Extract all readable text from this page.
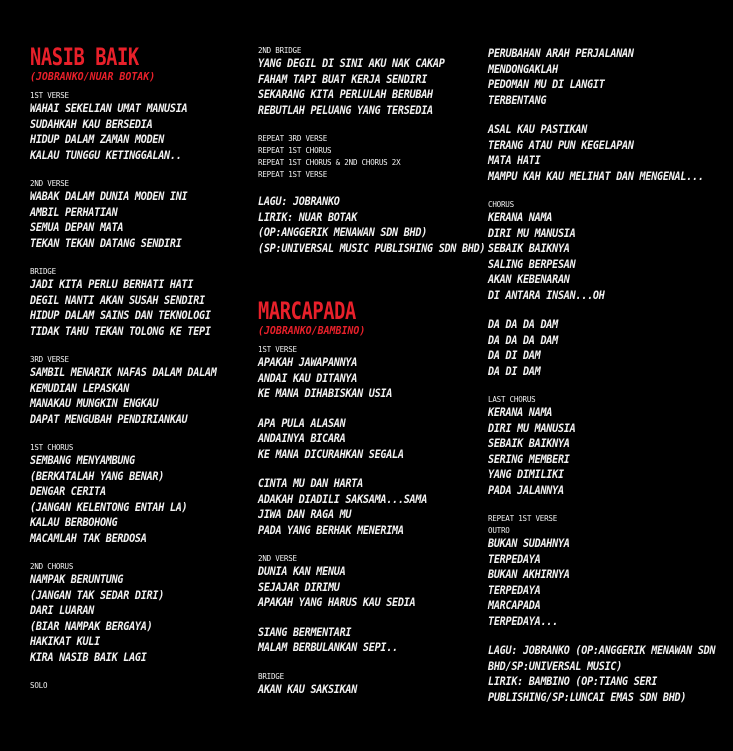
NASIB BAIK
(JOBRANKO/NUAR BOTAK)
1ST VERSE
WAHAI SEKELIAN UMAT MANUSIA
SUDAHKAH KAU BERSEDIA
HIDUP DALAM ZAMAN MODEN
KALAU TUNGGU KETINGGALAN..
2ND VERSE
WABAK DALAM DUNIA MODEN INI
AMBIL PERHATIAN
SEMUA DEPAN MATA
TEKAN TEKAN DATANG SENDIRI
BRIDGE
JADI KITA PERLU BERHATI HATI
DEGIL NANTI AKAN SUSAH SENDIRI
HIDUP DALAM SAINS DAN TEKNOLOGI
TIDAK TAHU TEKAN TOLONG KE TEPI
3RD VERSE
SAMBIL MENARIK NAFAS DALAM DALAM
KEMUDIAN LEPASKAN
MANAKAU MUNGKIN ENGKAU
DAPAT MENGUBAH PENDIRIANKAU
1ST CHORUS
SEMBANG MENYAMBUNG
(BERKATALAH YANG BENAR)
DENGAR CERITA
(JANGAN KELENTONG ENTAH LA)
KALAU BERBOHONG
MACAMLAH TAK BERDOSA
2ND CHORUS
NAMPAK BERUNTUNG
(JANGAN TAK SEDAR DIRI)
DARI LUARAN
(BIAR NAMPAK BERGAYA)
HAKIKAT KULI
KIRA NASIB BAIK LAGI
SOLO
2ND BRIDGE
YANG DEGIL DI SINI AKU NAK CAKAP
FAHAM TAPI BUAT KERJA SENDIRI
SEKARANG KITA PERLULAH BERUBAH
REBUTLAH PELUANG YANG TERSEDIA
REPEAT 3RD VERSE
REPEAT 1ST CHORUS
REPEAT 1ST CHORUS & 2ND CHORUS 2X
REPEAT 1ST VERSE
LAGU: JOBRANKO
LIRIK: NUAR BOTAK
(OP:ANGGERIK MENAWAN SDN BHD)
(SP:UNIVERSAL MUSIC PUBLISHING SDN BHD)
MARCAPADA
(JOBRANKO/BAMBINO)
1ST VERSE
APAKAH JAWAPANNYA
ANDAI KAU DITANYA
KE MANA DIHABISKAN USIA
APA PULA ALASAN
ANDAINYA BICARA
KE MANA DICURAHKAN SEGALA
CINTA MU DAN HARTA
ADAKAH DIADILI SAKSAMA...SAMA
JIWA DAN RAGA MU
PADA YANG BERHAK MENERIMA
2ND VERSE
DUNIA KAN MENUA
SEJAJAR DIRIMU
APAKAH YANG HARUS KAU SEDIA
SIANG BERMENTARI
MALAM BERBULANKAN SEPI..
BRIDGE
AKAN KAU SAKSIKAN
PERUBAHAN ARAH PERJALANAN
MENDONGAKLAH
PEDOMAN MU DI LANGIT
TERBENTANG
ASAL KAU PASTIKAN
TERANG ATAU PUN KEGELAPAN
MATA HATI
MAMPU KAH KAU MELIHAT DAN MENGENAL...
CHORUS
KERANA NAMA
DIRI MU MANUSIA
SEBAIK BAIKNYA
SALING BERPESAN
AKAN KEBENARAN
DI ANTARA INSAN...OH
DA DA DA DAM
DA DA DA DAM
DA DI DAM
DA DI DAM
LAST CHORUS
KERANA NAMA
DIRI MU MANUSIA
SEBAIK BAIKNYA
SERING MEMBERI
YANG DIMILIKI
PADA JALANNYA
REPEAT 1ST VERSE
OUTRO
BUKAN SUDAHNYA
TERPEDAYA
BUKAN AKHIRNYA
TERPEDAYA
MARCAPADA
TERPEDAYA...
LAGU: JOBRANKO (OP:ANGGERIK MENAWAN SDN
BHD/SP:UNIVERSAL MUSIC)
LIRIK: BAMBINO (OP:TIANG SERI
PUBLISHING/SP:LUNCAI EMAS SDN BHD)
